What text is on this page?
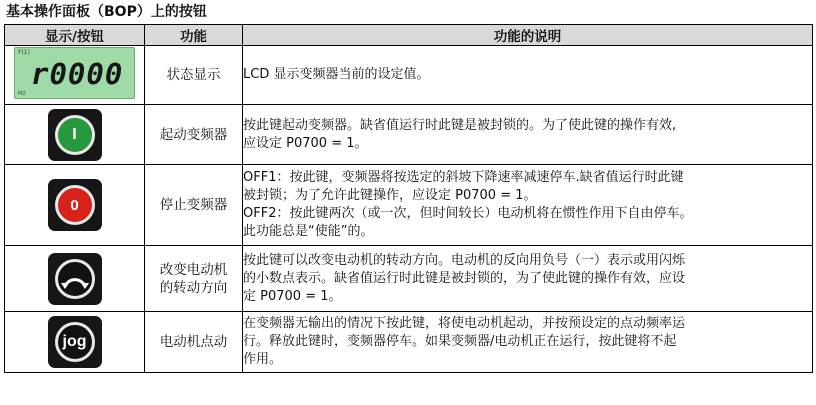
基本操作面板（BOP）上的按钮
显示/按钮	功能	功能的说明

F(1)
r0000
Hz	状态显示	LCD 显示变频器当前的设定值。

I	起动变频器	按此键起动变频器。缺省值运行时此键是被封锁的。为了使此键的操作有效,
应设定 P0700 = 1。

0	停止变频器	OFF1：按此键，变频器将按选定的斜坡下降速率减速停车.缺省值运行时此键
被封锁；为了允许此键操作，应设定 P0700 = 1。
OFF2：按此键两次（或一次，但时间较长）电动机将在惯性作用下自由停车。
此功能总是“使能”的。

改变电动机
的转动方向	按此键可以改变电动机的转动方向。电动机的反向用负号（一）表示或用闪烁
的小数点表示。缺省值运行时此键是被封锁的，为了使此键的操作有效，应设
定 P0700 = 1。

jog	电动机点动	在变频器无输出的情况下按此键，将使电动机起动，并按预设定的点动频率运
行。释放此键时，变频器停车。如果变频器/电动机正在运行，按此键将不起
作用。
